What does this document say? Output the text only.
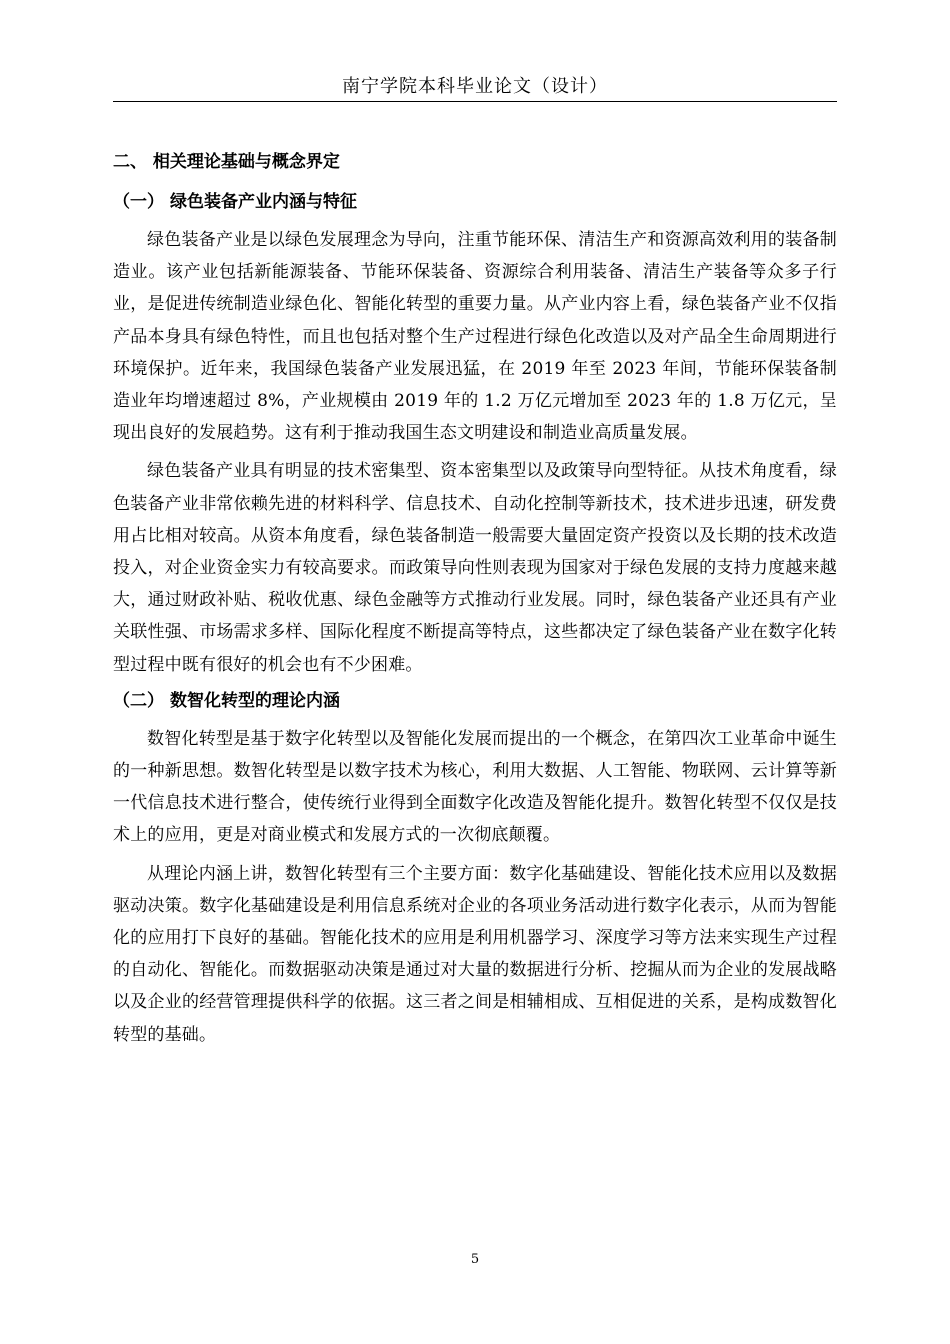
南宁学院本科毕业论文（设计）
二、 相关理论基础与概念界定
（一） 绿色装备产业内涵与特征

绿色装备产业是以绿色发展理念为导向，注重节能环保、清洁生产和资源高效利用的装备制造业。该产业包括新能源装备、节能环保装备、资源综合利用装备、清洁生产装备等众多子行业，是促进传统制造业绿色化、智能化转型的重要力量。从产业内容上看，绿色装备产业不仅指产品本身具有绿色特性，而且也包括对整个生产过程进行绿色化改造以及对产品全生命周期进行环境保护。近年来，我国绿色装备产业发展迅猛，在 2019 年至 2023 年间，节能环保装备制造业年均增速超过 8%，产业规模由 2019 年的 1.2 万亿元增加至 2023 年的 1.8 万亿元，呈现出良好的发展趋势。这有利于推动我国生态文明建设和制造业高质量发展。

绿色装备产业具有明显的技术密集型、资本密集型以及政策导向型特征。从技术角度看，绿色装备产业非常依赖先进的材料科学、信息技术、自动化控制等新技术，技术进步迅速，研发费用占比相对较高。从资本角度看，绿色装备制造一般需要大量固定资产投资以及长期的技术改造投入，对企业资金实力有较高要求。而政策导向性则表现为国家对于绿色发展的支持力度越来越大，通过财政补贴、税收优惠、绿色金融等方式推动行业发展。同时，绿色装备产业还具有产业关联性强、市场需求多样、国际化程度不断提高等特点，这些都决定了绿色装备产业在数字化转型过程中既有很好的机会也有不少困难。

（二） 数智化转型的理论内涵

数智化转型是基于数字化转型以及智能化发展而提出的一个概念，在第四次工业革命中诞生的一种新思想。数智化转型是以数字技术为核心，利用大数据、人工智能、物联网、云计算等新一代信息技术进行整合，使传统行业得到全面数字化改造及智能化提升。数智化转型不仅仅是技术上的应用，更是对商业模式和发展方式的一次彻底颠覆。

从理论内涵上讲，数智化转型有三个主要方面：数字化基础建设、智能化技术应用以及数据驱动决策。数字化基础建设是利用信息系统对企业的各项业务活动进行数字化表示，从而为智能化的应用打下良好的基础。智能化技术的应用是利用机器学习、深度学习等方法来实现生产过程的自动化、智能化。而数据驱动决策是通过对大量的数据进行分析、挖掘从而为企业的发展战略以及企业的经营管理提供科学的依据。这三者之间是相辅相成、互相促进的关系，是构成数智化转型的基础。

5
